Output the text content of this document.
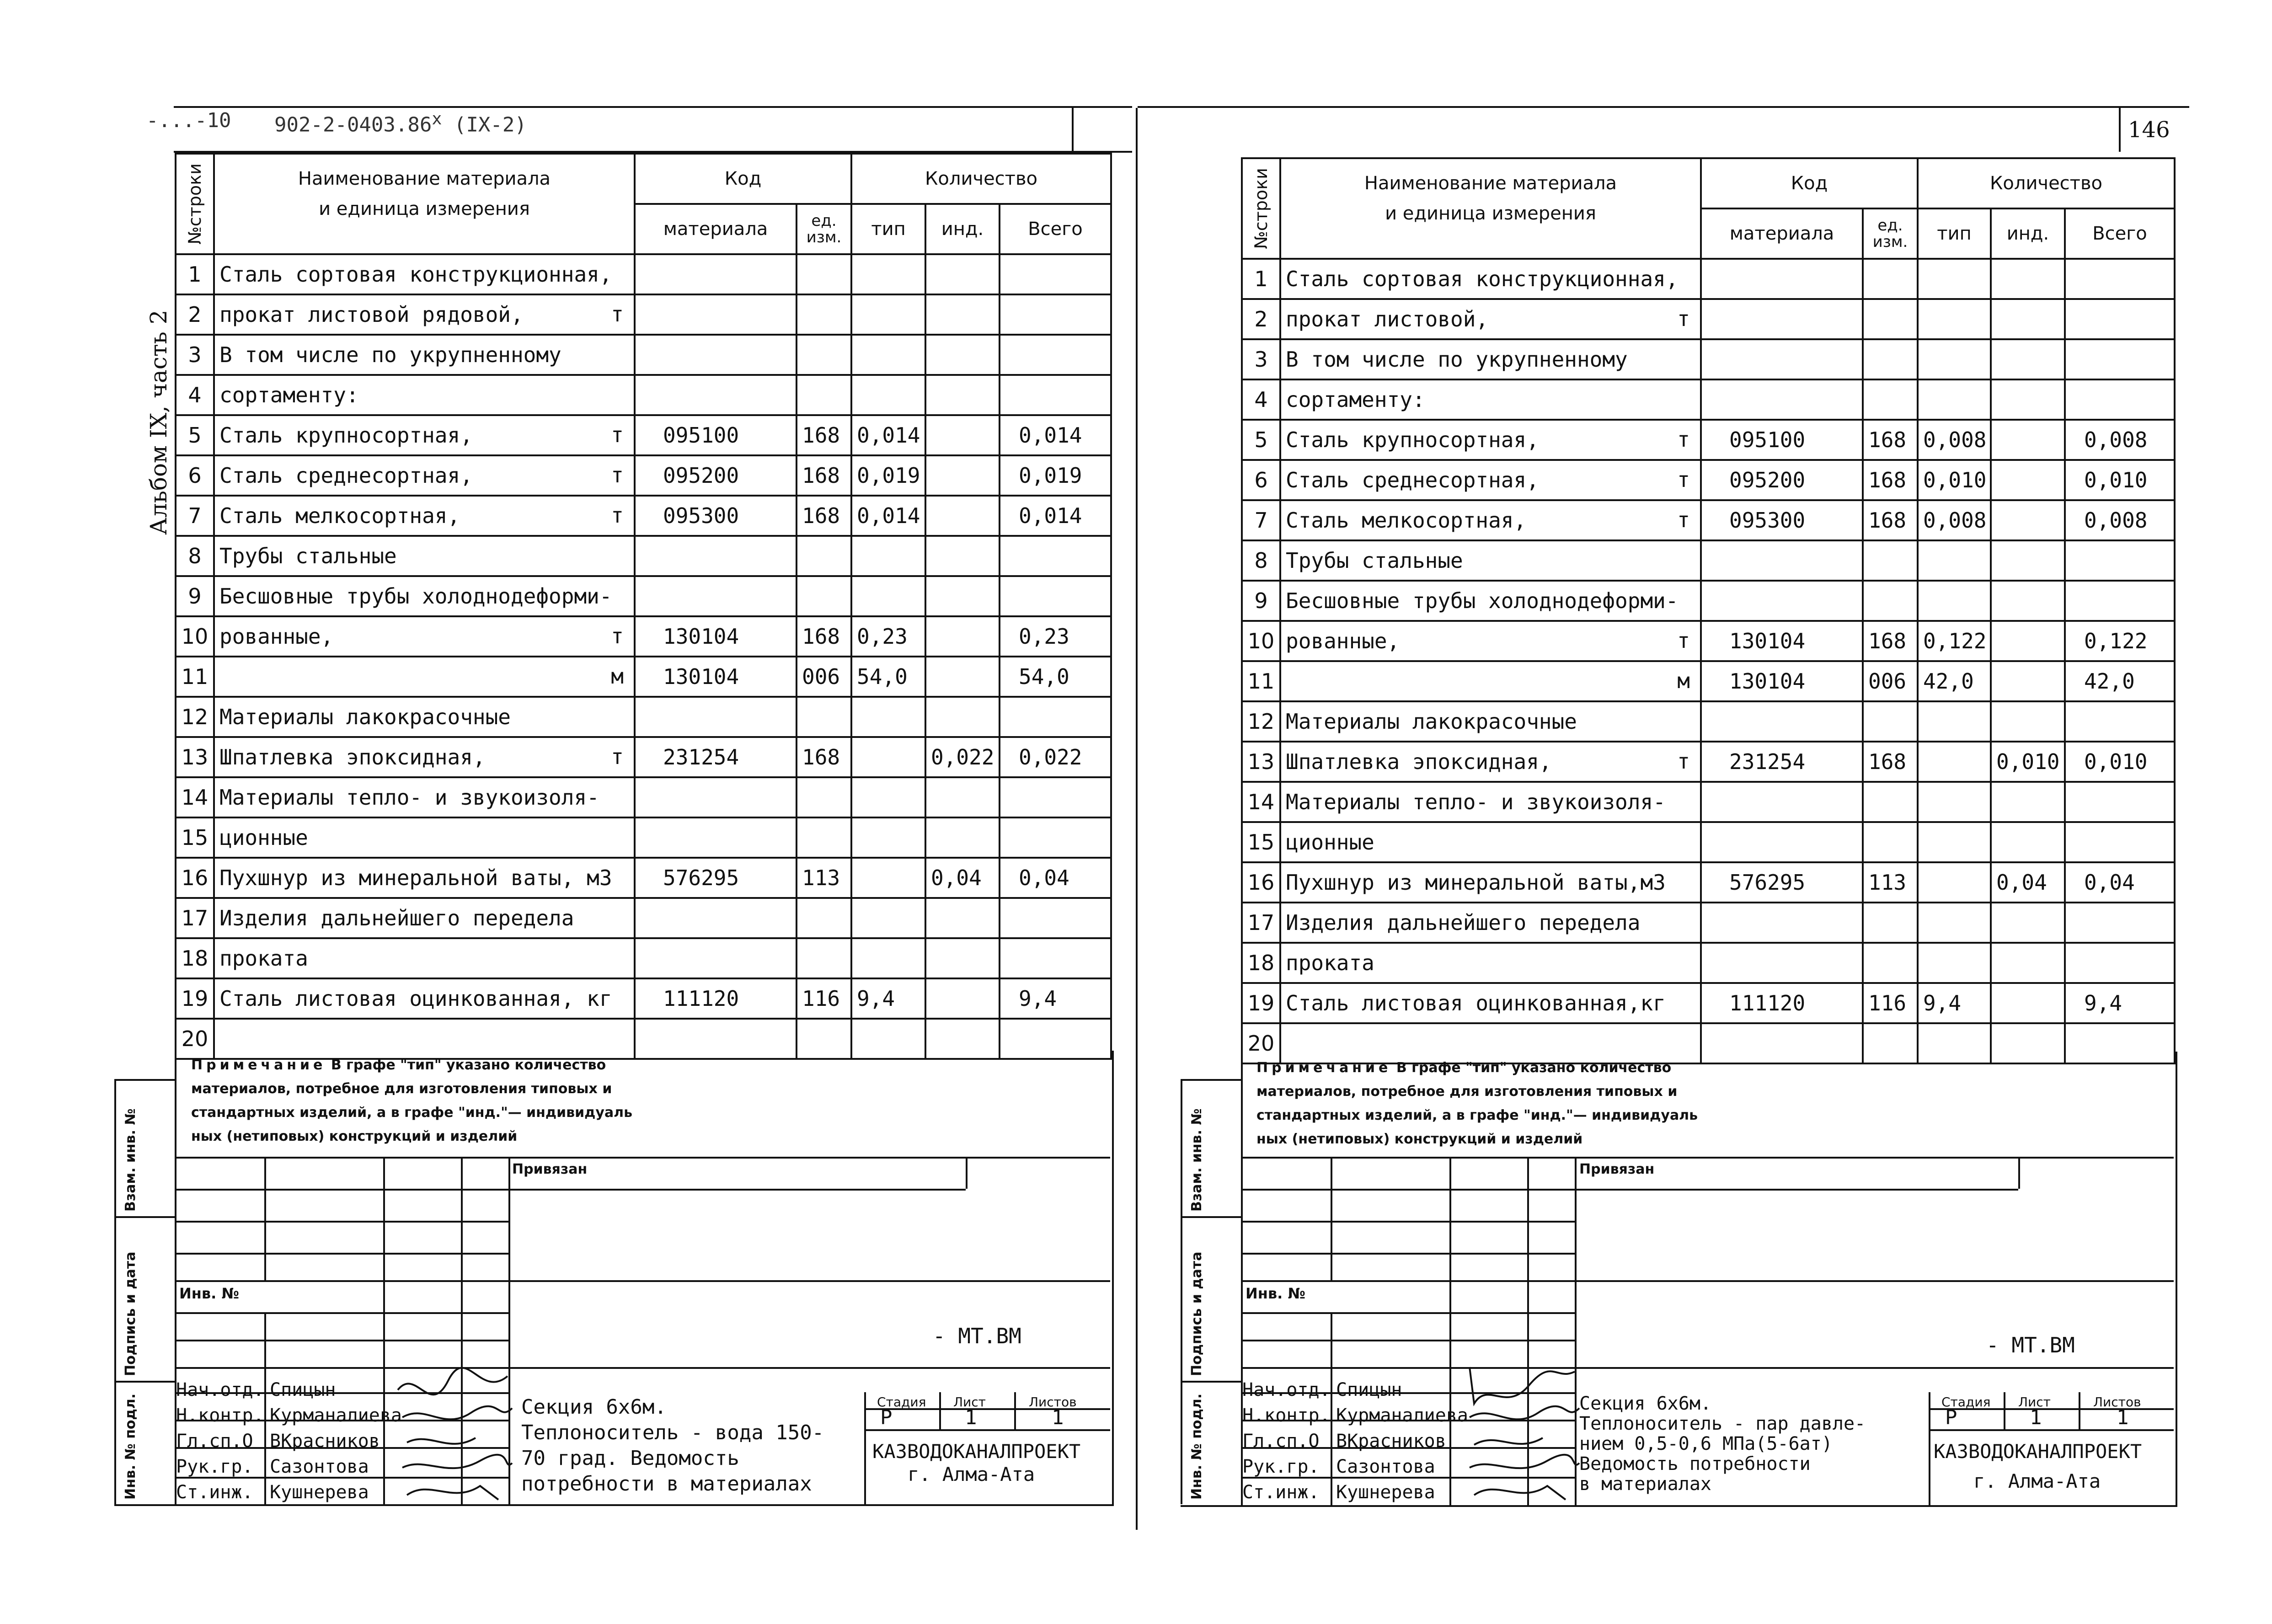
-...-10 902-2-0403.86$^x$ (IX-2)
Альбом IX, часть 2
№строки	Наименование материала
и единица измерения	Код		Количество		
		материала	ед.
изм.	тип	инд.	Всего
1	Сталь сортовая конструкционная,

2	прокат листовой рядовой, т					

3	В том числе по укрупненному

4	сортаменту:

5	Сталь крупносортная, т	095100	168	0,014		0,014
6	Сталь среднесортная, т	095200	168	0,019		0,019
7	Сталь мелкосортная, т	095300	168	0,014		0,014
8	Трубы стальные

9	Бесшовные трубы холоднодеформи-

10	рованные, т	130104	168	0,23		0,23
11	м	130104	006	54,0		54,0
12	Материалы лакокрасочные

13	Шпатлевка эпоксидная, т	231254	168		0,022	0,022
14	Материалы тепло- и звукоизоля-

15	ционные

16	Пухшнур из минеральной ваты, м3	576295	113		0,04	0,04
17	Изделия дальнейшего передела

18	проката

19	Сталь листовая оцинкованная, кг	111120	116	9,4		9,4
20	

Примечание В графе "тип" указано количество
материалов, потребное для изготовления типовых и
стандартных изделий, а в графе "инд."— индивидуаль
ных (нетиповых) конструкций и изделий
Взам. инв. №
Подпись и дата
Инв. № подл.
Привязан
Инв. №
- МТ.ВМ
Стадия Лист	Листов
Р	1	1
КАЗВОДОКАНАЛПРОЕКТ
г. Алма-Ата
Секция 6х6м.
Теплоноситель - вода 150-
70 град. Ведомость
потребности в материалах
Нач.отд.
Н.контр.
Гл.сп.О
Рук.гр.
Ст.инж.
Спицын
Курманалиева
ВКрасников
Сазонтова
Кушнерева
146
№строки	Наименование материала
и единица измерения	Код		Количество		
		материала	ед.
изм.	тип	инд.	Всего
1	Сталь сортовая конструкционная,

2	прокат листовой, т					

3	В том числе по укрупненному

4	сортаменту:

5	Сталь крупносортная, т	095100	168	0,008		0,008
6	Сталь среднесортная, т	095200	168	0,010		0,010
7	Сталь мелкосортная, т	095300	168	0,008		0,008
8	Трубы стальные

9	Бесшовные трубы холоднодеформи-

10	рованные, т	130104	168	0,122		0,122
11	м	130104	006	42,0		42,0
12	Материалы лакокрасочные

13	Шпатлевка эпоксидная, т	231254	168		0,010	0,010
14	Материалы тепло- и звукоизоля-

15	ционные

16	Пухшнур из минеральной ваты,м3	576295	113		0,04	0,04
17	Изделия дальнейшего передела

18	проката

19	Сталь листовая оцинкованная,кг	111120	116	9,4		9,4
20	

Примечание В графе "тип" указано количество
материалов, потребное для изготовления типовых и
стандартных изделий, а в графе "инд."— индивидуаль
ных (нетиповых) конструкций и изделий
Взам. инв. №
Подпись и дата
Инв. № подл.
Привязан
Инв. №
- МТ.ВМ
Стадия Лист	Листов
Р	1	1
КАЗВОДОКАНАЛПРОЕКТ
г. Алма-Ата
Секция 6х6м.
Теплоноситель - пар давле-
нием 0,5-0,6 МПа(5-6ат)
Ведомость потребности
в материалах
Нач.отд.
Н.контр.
Гл.сп.О
Рук.гр.
Ст.инж.
Спицын
Курманалиева
ВКрасников
Сазонтова
Кушнерева
